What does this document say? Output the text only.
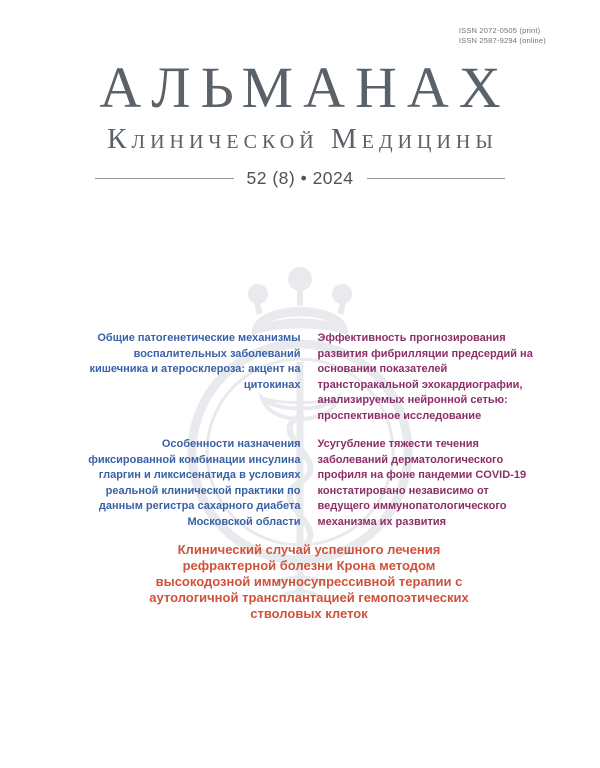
ISSN 2072-0505 (print)
ISSN 2587-9294 (online)
АЛЬМАНАХ
Клинической Медицины
52 (8) • 2024
Общие патогенетические механизмы воспалительных заболеваний кишечника и атеросклероза: акцент на цитокинах
Эффективность прогнозирования развития фибрилляции предсердий на основании показателей трансторакальной эхокардиографии, анализируемых нейронной сетью: проспективное исследование
Особенности назначения фиксированной комбинации инсулина гларгин и ликсисенатида в условиях реальной клинической практики по данным регистра сахарного диабета Московской области
Усугубление тяжести течения заболеваний дерматологического профиля на фоне пандемии COVID-19 констатировано независимо от ведущего иммунопатологического механизма их развития
Клинический случай успешного лечения рефрактерной болезни Крона методом высокодозной иммуносупрессивной терапии с аутологичной трансплантацией гемопоэтических стволовых клеток
